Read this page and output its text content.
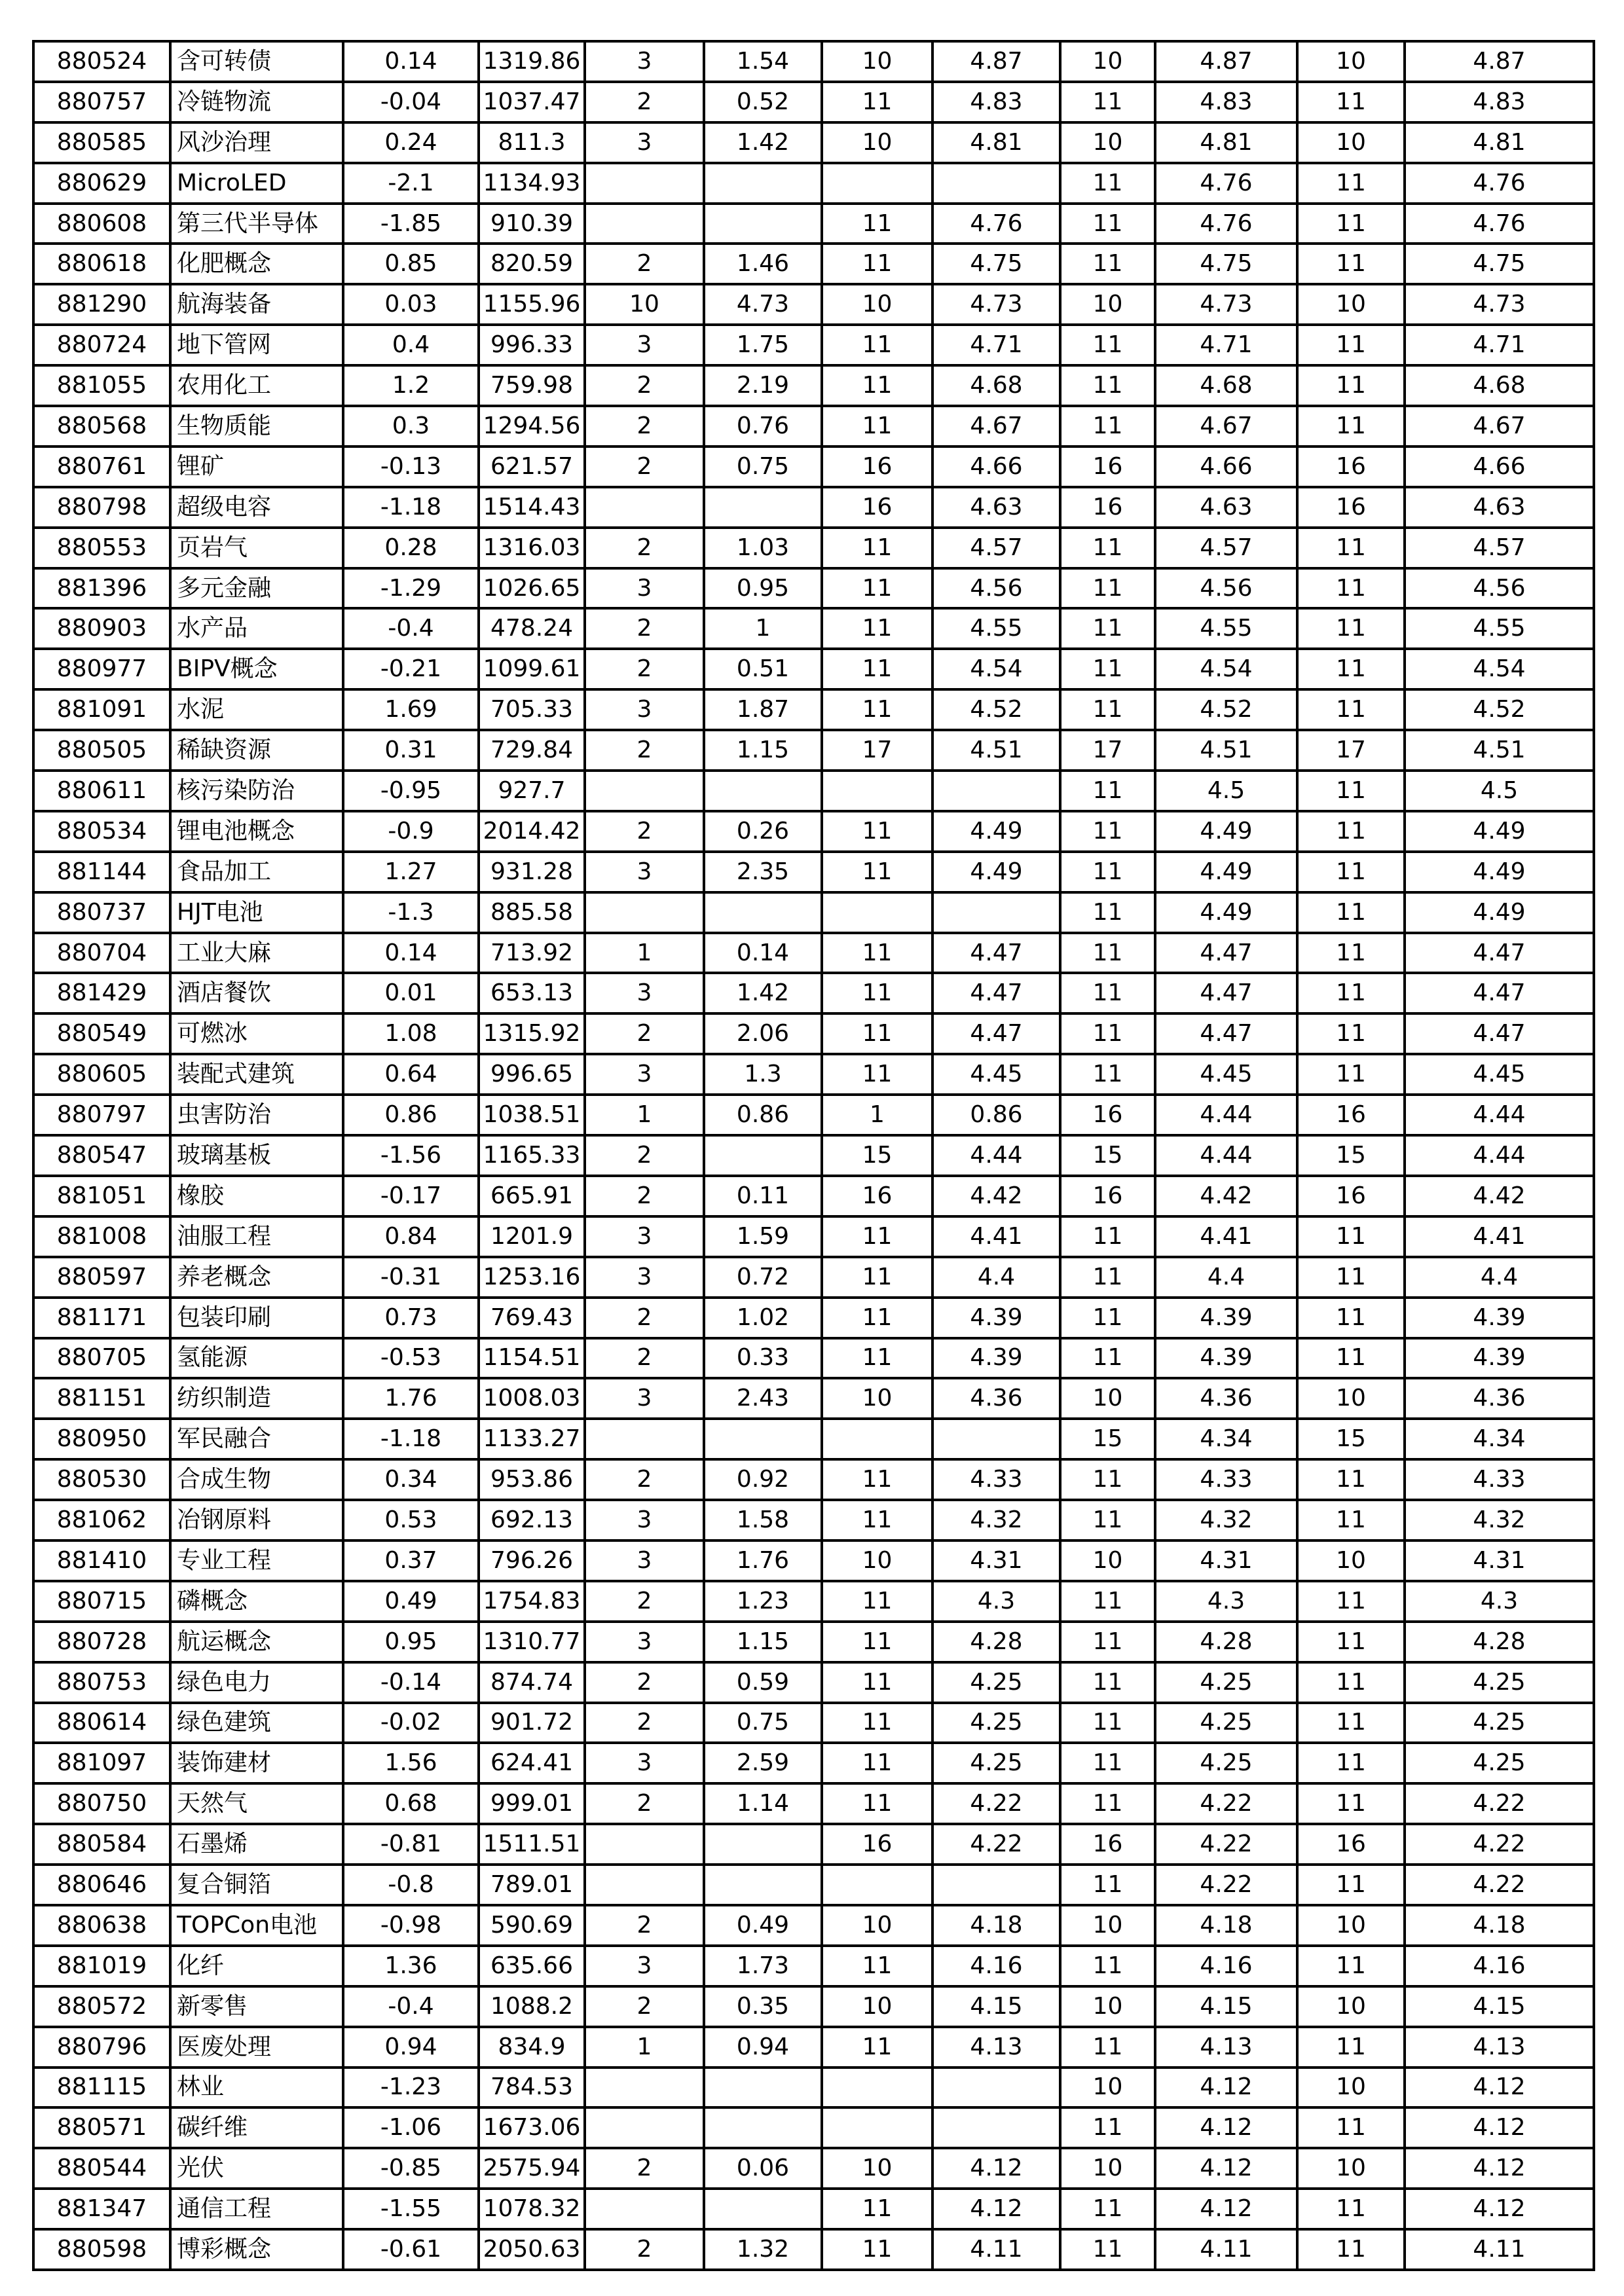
880524	含可转债	0.14	1319.86	3	1.54	10	4.87	10	4.87	10	4.87
880757	冷链物流	-0.04	1037.47	2	0.52	11	4.83	11	4.83	11	4.83
880585	风沙治理	0.24	811.3	3	1.42	10	4.81	10	4.81	10	4.81
880629	MicroLED	-2.1	1134.93					11	4.76	11	4.76
880608	第三代半导体	-1.85	910.39			11	4.76	11	4.76	11	4.76
880618	化肥概念	0.85	820.59	2	1.46	11	4.75	11	4.75	11	4.75
881290	航海装备	0.03	1155.96	10	4.73	10	4.73	10	4.73	10	4.73
880724	地下管网	0.4	996.33	3	1.75	11	4.71	11	4.71	11	4.71
881055	农用化工	1.2	759.98	2	2.19	11	4.68	11	4.68	11	4.68
880568	生物质能	0.3	1294.56	2	0.76	11	4.67	11	4.67	11	4.67
880761	锂矿	-0.13	621.57	2	0.75	16	4.66	16	4.66	16	4.66
880798	超级电容	-1.18	1514.43			16	4.63	16	4.63	16	4.63
880553	页岩气	0.28	1316.03	2	1.03	11	4.57	11	4.57	11	4.57
881396	多元金融	-1.29	1026.65	3	0.95	11	4.56	11	4.56	11	4.56
880903	水产品	-0.4	478.24	2	1	11	4.55	11	4.55	11	4.55
880977	BIPV概念	-0.21	1099.61	2	0.51	11	4.54	11	4.54	11	4.54
881091	水泥	1.69	705.33	3	1.87	11	4.52	11	4.52	11	4.52
880505	稀缺资源	0.31	729.84	2	1.15	17	4.51	17	4.51	17	4.51
880611	核污染防治	-0.95	927.7					11	4.5	11	4.5
880534	锂电池概念	-0.9	2014.42	2	0.26	11	4.49	11	4.49	11	4.49
881144	食品加工	1.27	931.28	3	2.35	11	4.49	11	4.49	11	4.49
880737	HJT电池	-1.3	885.58					11	4.49	11	4.49
880704	工业大麻	0.14	713.92	1	0.14	11	4.47	11	4.47	11	4.47
881429	酒店餐饮	0.01	653.13	3	1.42	11	4.47	11	4.47	11	4.47
880549	可燃冰	1.08	1315.92	2	2.06	11	4.47	11	4.47	11	4.47
880605	装配式建筑	0.64	996.65	3	1.3	11	4.45	11	4.45	11	4.45
880797	虫害防治	0.86	1038.51	1	0.86	1	0.86	16	4.44	16	4.44
880547	玻璃基板	-1.56	1165.33	2		15	4.44	15	4.44	15	4.44
881051	橡胶	-0.17	665.91	2	0.11	16	4.42	16	4.42	16	4.42
881008	油服工程	0.84	1201.9	3	1.59	11	4.41	11	4.41	11	4.41
880597	养老概念	-0.31	1253.16	3	0.72	11	4.4	11	4.4	11	4.4
881171	包装印刷	0.73	769.43	2	1.02	11	4.39	11	4.39	11	4.39
880705	氢能源	-0.53	1154.51	2	0.33	11	4.39	11	4.39	11	4.39
881151	纺织制造	1.76	1008.03	3	2.43	10	4.36	10	4.36	10	4.36
880950	军民融合	-1.18	1133.27					15	4.34	15	4.34
880530	合成生物	0.34	953.86	2	0.92	11	4.33	11	4.33	11	4.33
881062	冶钢原料	0.53	692.13	3	1.58	11	4.32	11	4.32	11	4.32
881410	专业工程	0.37	796.26	3	1.76	10	4.31	10	4.31	10	4.31
880715	磷概念	0.49	1754.83	2	1.23	11	4.3	11	4.3	11	4.3
880728	航运概念	0.95	1310.77	3	1.15	11	4.28	11	4.28	11	4.28
880753	绿色电力	-0.14	874.74	2	0.59	11	4.25	11	4.25	11	4.25
880614	绿色建筑	-0.02	901.72	2	0.75	11	4.25	11	4.25	11	4.25
881097	装饰建材	1.56	624.41	3	2.59	11	4.25	11	4.25	11	4.25
880750	天然气	0.68	999.01	2	1.14	11	4.22	11	4.22	11	4.22
880584	石墨烯	-0.81	1511.51			16	4.22	16	4.22	16	4.22
880646	复合铜箔	-0.8	789.01					11	4.22	11	4.22
880638	TOPCon电池	-0.98	590.69	2	0.49	10	4.18	10	4.18	10	4.18
881019	化纤	1.36	635.66	3	1.73	11	4.16	11	4.16	11	4.16
880572	新零售	-0.4	1088.2	2	0.35	10	4.15	10	4.15	10	4.15
880796	医废处理	0.94	834.9	1	0.94	11	4.13	11	4.13	11	4.13
881115	林业	-1.23	784.53					10	4.12	10	4.12
880571	碳纤维	-1.06	1673.06					11	4.12	11	4.12
880544	光伏	-0.85	2575.94	2	0.06	10	4.12	10	4.12	10	4.12
881347	通信工程	-1.55	1078.32			11	4.12	11	4.12	11	4.12
880598	博彩概念	-0.61	2050.63	2	1.32	11	4.11	11	4.11	11	4.11
